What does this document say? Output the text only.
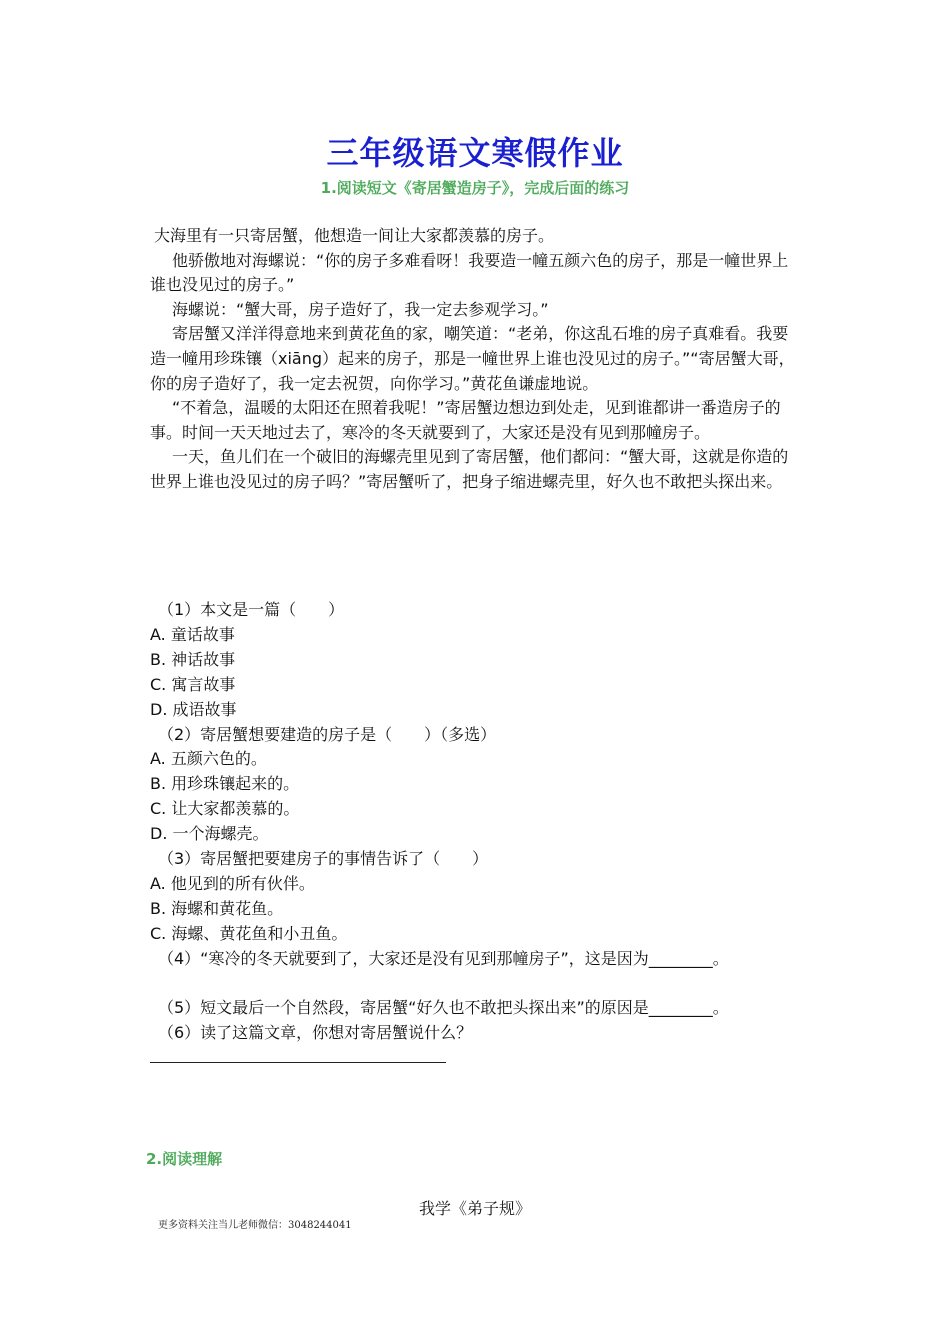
三年级语文寒假作业
1.阅读短文《寄居蟹造房子》，完成后面的练习

大海里有一只寄居蟹，他想造一间让大家都羡慕的房子。

他骄傲地对海螺说：“你的房子多难看呀！我要造一幢五颜六色的房子，那是一幢世界上谁也没见过的房子。”

海螺说：“蟹大哥，房子造好了，我一定去参观学习。”

寄居蟹又洋洋得意地来到黄花鱼的家，嘲笑道：“老弟，你这乱石堆的房子真难看。我要造一幢用珍珠镶（xiāng）起来的房子，那是一幢世界上谁也没见过的房子。”“寄居蟹大哥，你的房子造好了，我一定去祝贺，向你学习。”黄花鱼谦虚地说。

“不着急，温暖的太阳还在照着我呢！”寄居蟹边想边到处走，见到谁都讲一番造房子的事。时间一天天地过去了，寒冷的冬天就要到了，大家还是没有见到那幢房子。

一天，鱼儿们在一个破旧的海螺壳里见到了寄居蟹，他们都问：“蟹大哥，这就是你造的世界上谁也没见过的房子吗？”寄居蟹听了，把身子缩进螺壳里，好久也不敢把头探出来。

（1）本文是一篇（　　）
A. 童话故事
B. 神话故事
C. 寓言故事
D. 成语故事
（2）寄居蟹想要建造的房子是（　　）（多选）
A. 五颜六色的。
B. 用珍珠镶起来的。
C. 让大家都羡慕的。
D. 一个海螺壳。
（3）寄居蟹把要建房子的事情告诉了（　　）
A. 他见到的所有伙伴。
B. 海螺和黄花鱼。
C. 海螺、黄花鱼和小丑鱼。
（4）“寒冷的冬天就要到了，大家还是没有见到那幢房子”，这是因为________。
（5）短文最后一个自然段，寄居蟹“好久也不敢把头探出来”的原因是________。
（6）读了这篇文章，你想对寄居蟹说什么？
2.阅读理解
我学《弟子规》
更多资料关注当儿老师微信：3048244041
